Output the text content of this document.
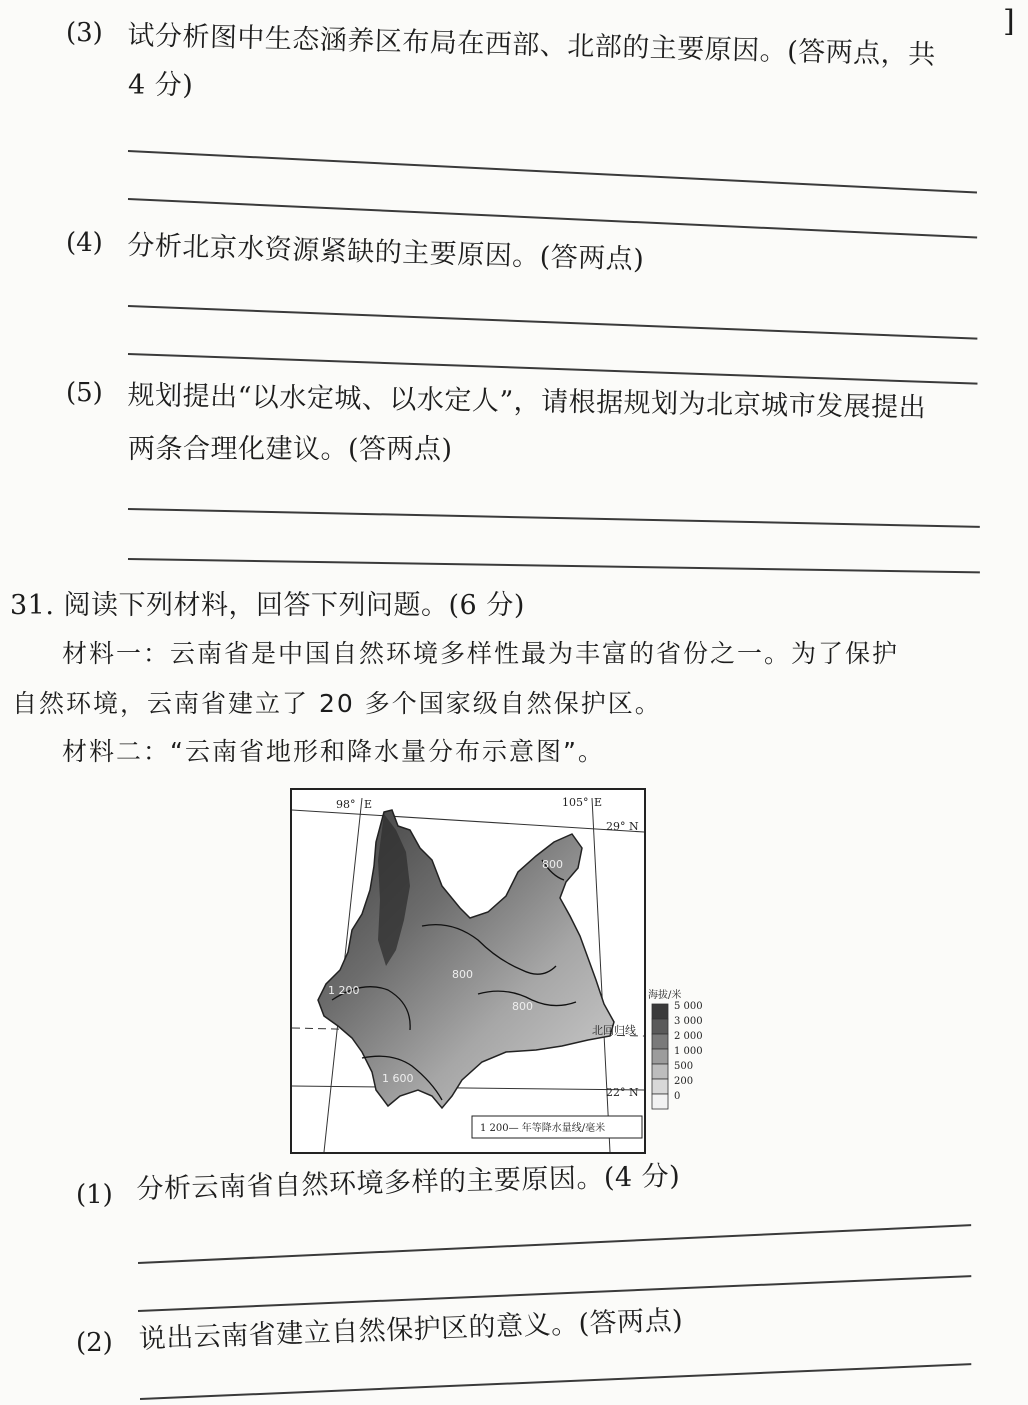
]
(3) 试分析图中生态涵养区布局在西部、北部的主要原因。(答两点，共
4 分)
(4) 分析北京水资源紧缺的主要原因。(答两点)
(5) 规划提出“以水定城、以水定人”，请根据规划为北京城市发展提出
两条合理化建议。(答两点)
31. 阅读下列材料，回答下列问题。(6 分)
材料一：云南省是中国自然环境多样性最为丰富的省份之一。为了保护
自然环境，云南省建立了 20 多个国家级自然保护区。
材料二：“云南省地形和降水量分布示意图”。
98° E	105° E
29° N
22° N
北回归线
800
800
800
1 200
1 600
1 200— 年等降水量线/毫米
海拔/米
5 000
3 000
2 000
1 000
500
200
0
(1) 分析云南省自然环境多样的主要原因。(4 分)
(2) 说出云南省建立自然保护区的意义。(答两点)
